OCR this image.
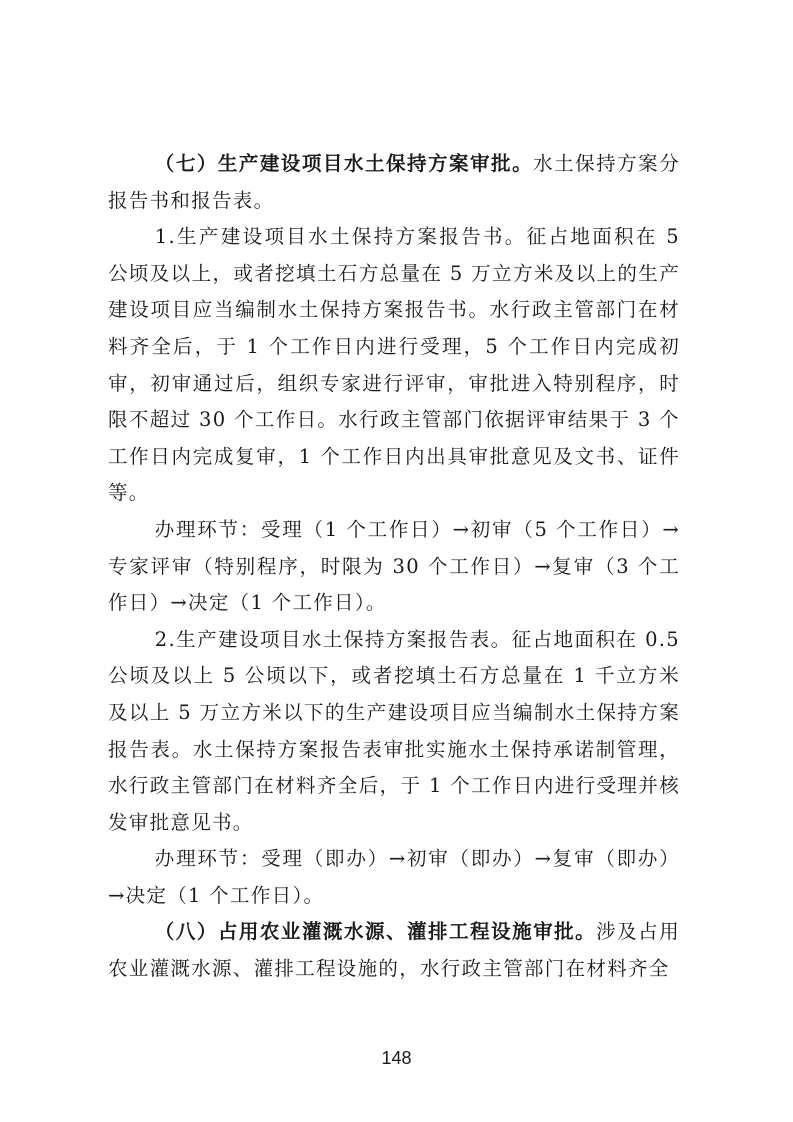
（七）生产建设项目水土保持方案审批。水土保持方案分报告书和报告表。

1.生产建设项目水土保持方案报告书。征占地面积在 5 公顷及以上，或者挖填土石方总量在 5 万立方米及以上的生产建设项目应当编制水土保持方案报告书。水行政主管部门在材料齐全后，于 1 个工作日内进行受理，5 个工作日内完成初审，初审通过后，组织专家进行评审，审批进入特别程序，时限不超过 30 个工作日。水行政主管部门依据评审结果于 3 个工作日内完成复审，1 个工作日内出具审批意见及文书、证件等。

办理环节：受理（1 个工作日）→初审（5 个工作日）→专家评审（特别程序，时限为 30 个工作日）→复审（3 个工作日）→决定（1 个工作日）。

2.生产建设项目水土保持方案报告表。征占地面积在 0.5 公顷及以上 5 公顷以下，或者挖填土石方总量在 1 千立方米及以上 5 万立方米以下的生产建设项目应当编制水土保持方案报告表。水土保持方案报告表审批实施水土保持承诺制管理，水行政主管部门在材料齐全后，于 1 个工作日内进行受理并核发审批意见书。

办理环节：受理（即办）→初审（即办）→复审（即办）→决定（1 个工作日）。

（八）占用农业灌溉水源、灌排工程设施审批。涉及占用农业灌溉水源、灌排工程设施的，水行政主管部门在材料齐全

148
